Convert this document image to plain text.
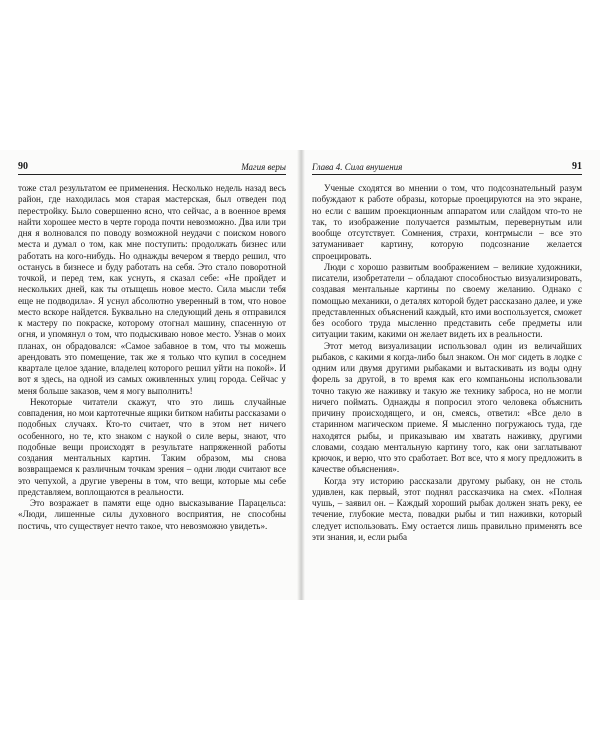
90	Магия веры

тоже стал результатом ее применения. Несколько недель назад весь район, где находилась моя старая мастерская, был отведен под перестройку. Было совершенно ясно, что сейчас, а в военное время найти хорошее место в черте города почти невозможно. Два или три дня я волновался по поводу возможной неудачи с поиском нового места и думал о том, как мне поступить: продолжать бизнес или работать на кого-нибудь. Но однажды вечером я твердо решил, что останусь в бизнесе и буду работать на себя. Это стало поворотной точкой, и перед тем, как уснуть, я сказал себе: «Не пройдет и нескольких дней, как ты отыщешь новое место. Сила мысли тебя еще не подводила». Я уснул абсолютно уверенный в том, что новое место вскоре найдется. Буквально на следующий день я отправился к мастеру по покраске, которому отогнал машину, спасенную от огня, и упомянул о том, что подыскиваю новое место. Узнав о моих планах, он обрадовался: «Самое забавное в том, что ты можешь арендовать это помещение, так же я только что купил в соседнем квартале целое здание, владелец которого решил уйти на покой». И вот я здесь, на одной из самых оживленных улиц города. Сейчас у меня больше заказов, чем я могу выполнить!

Некоторые читатели скажут, что это лишь случайные совпадения, но мои картотечные ящики битком набиты рассказами о подобных случаях. Кто-то считает, что в этом нет ничего особенного, но те, кто знаком с наукой о силе веры, знают, что подобные вещи происходят в результате напряженной работы создания ментальных картин. Таким образом, мы снова возвращаемся к различным точкам зрения – одни люди считают все это чепухой, а другие уверены в том, что вещи, которые мы себе представляем, воплощаются в реальности.

Это возражает в памяти еще одно высказывание Парацельса: «Люди, лишенные силы духовного восприятия, не способны постичь, что существует нечто такое, что невозможно увидеть».

Глава 4. Сила внушения	91

Ученые сходятся во мнении о том, что подсознательный разум побуждают к работе образы, которые проецируются на это экране, но если с вашим проекционным аппаратом или слайдом что-то не так, то изображение получается размытым, перевернутым или вообще отсутствует. Сомнения, страхи, контрмысли – все это затуманивает картину, которую подсознание желается спроецировать.

Люди с хорошо развитым воображением – великие художники, писатели, изобретатели – обладают способностью визуализировать, создавая ментальные картины по своему желанию. Однако с помощью механики, о деталях которой будет рассказано далее, и уже представленных объяснений каждый, кто ими воспользуется, сможет без особого труда мысленно представить себе предметы или ситуации таким, какими он желает видеть их в реальности.

Этот метод визуализации использовал один из величайших рыбаков, с какими я когда-либо был знаком. Он мог сидеть в лодке с одним или двумя другими рыбаками и вытаскивать из воды одну форель за другой, в то время как его компаньоны использовали точно такую же наживку и такую же технику заброса, но не могли ничего поймать. Однажды я попросил этого человека объяснить причину происходящего, и он, смеясь, ответил: «Все дело в старинном магическом приеме. Я мысленно погружаюсь туда, где находятся рыбы, и приказываю им хватать наживку, другими словами, создаю ментальную картину того, как они заглатывают крючок, и верю, что это сработает. Вот все, что я могу предложить в качестве объяснения».

Когда эту историю рассказали другому рыбаку, он не столь удивлен, как первый, этот поднял рассказчика на смех. «Полная чушь, – заявил он. – Каждый хороший рыбак должен знать реку, ее течение, глубокие места, повадки рыбы и тип наживки, который следует использовать. Ему остается лишь правильно применять все эти знания, и, если рыба
